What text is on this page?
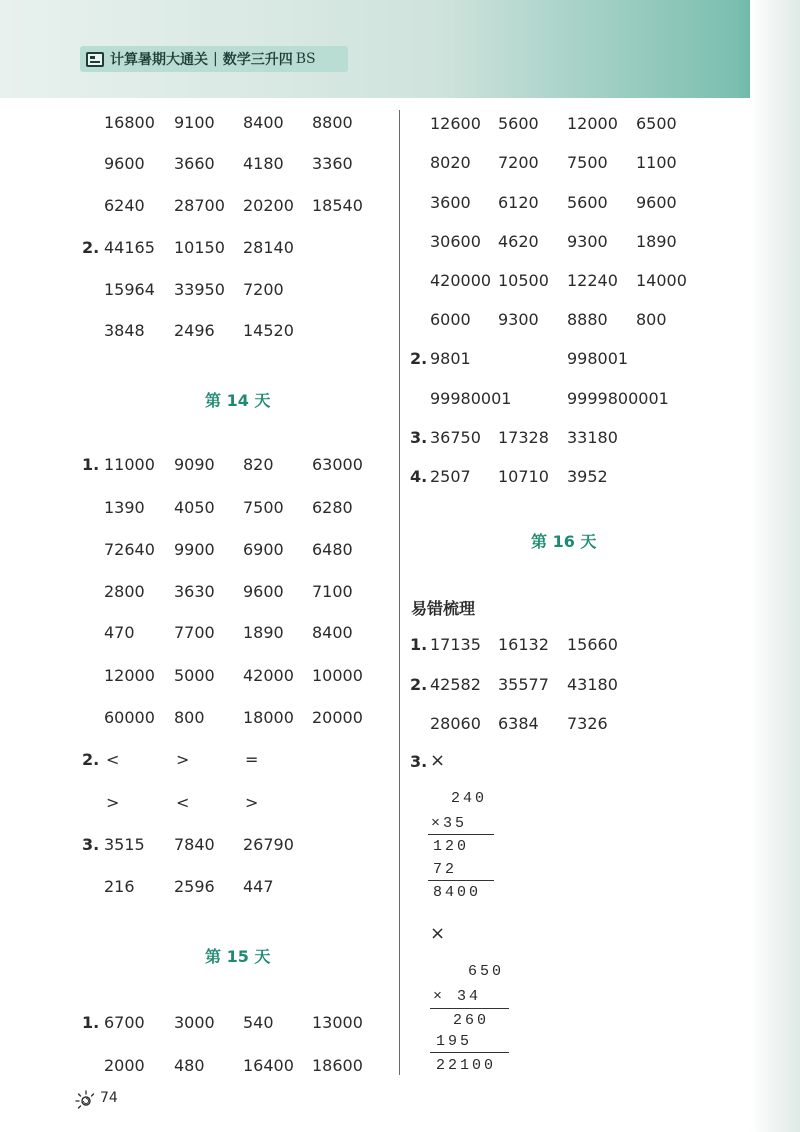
计算暑期大通关 | 数学三升四 BS
16800 9100 8400 8800
9600 3660 4180 3360
6240 28700 20200 18540
2. 44165 10150 28140
15964 33950 7200
3848 2496 14520
第 14 天
1. 11000 9090 820 63000
1390 4050 7500 6280
72640 9900 6900 6480
2800 3630 9600 7100
470 7700 1890 8400
12000 5000 42000 10000
60000 800 18000 20000
2. <	>	=
>	<	>
3. 3515 7840 26790
216 2596 447
第 15 天
1. 6700 3000 540 13000
2000 480 16400 18600
12600 5600 12000 6500
8020 7200 7500 1100
3600 6120 5600 9600
30600 4620 9300 1890
420000 10500 12240 14000
6000 9300 8880 800
2. 9801	998001
99980001	9999800001
3. 36750 17328 33180
4. 2507 10710 3952
第 16 天
易错梳理
1. 17135 16132 15660
2. 42582 35577 43180
28060 6384 7326
3. ×
240
×35
120
72
8400
×
650
× 34
260
195
22100
74
